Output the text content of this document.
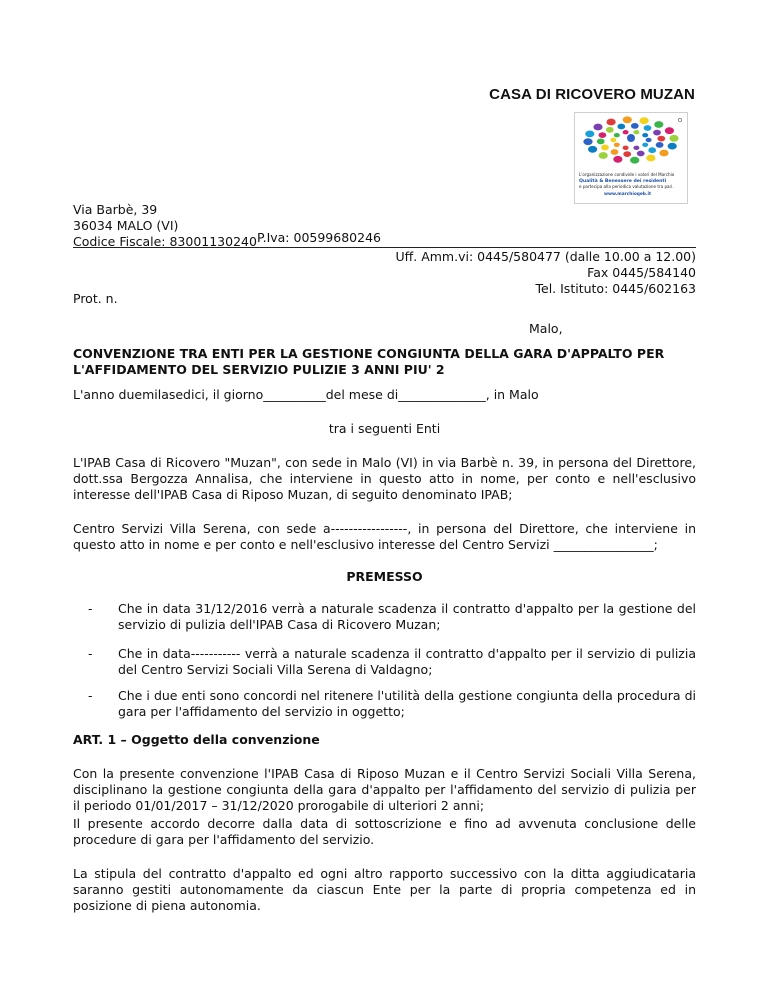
CASA DI RICOVERO MUZAN
L'organizzazione condivide i valori del Marchio
Qualità & Benessere dei residenti
e partecipa alla periodica valutazione tra pari.
www.marchioqeb.it
Via Barbè, 39
36034 MALO (VI)
Codice Fiscale: 83001130240 P.Iva: 00599680246
Uff. Amm.vi: 0445/580477 (dalle 10.00 a 12.00)
Fax 0445/584140
Tel. Istituto: 0445/602163
Prot. n.
Malo,
CONVENZIONE TRA ENTI PER LA GESTIONE CONGIUNTA DELLA GARA D'APPALTO PER L'AFFIDAMENTO DEL SERVIZIO PULIZIE 3 ANNI PIU' 2
L'anno duemilasedici, il giorno__________del mese di______________, in Malo
tra i seguenti Enti
L'IPAB Casa di Ricovero "Muzan", con sede in Malo (VI) in via Barbè n. 39, in persona del Direttore, dott.ssa Bergozza Annalisa, che interviene in questo atto in nome, per conto e nell'esclusivo interesse dell'IPAB Casa di Riposo Muzan, di seguito denominato IPAB;
Centro Servizi Villa Serena, con sede a-----------------, in persona del Direttore, che interviene in questo atto in nome e per conto e nell'esclusivo interesse del Centro Servizi ________________;
PREMESSO
- Che in data 31/12/2016 verrà a naturale scadenza il contratto d'appalto per la gestione del servizio di pulizia dell'IPAB Casa di Ricovero Muzan;
- Che in data----------- verrà a naturale scadenza il contratto d'appalto per il servizio di pulizia del Centro Servizi Sociali Villa Serena di Valdagno;
- Che i due enti sono concordi nel ritenere l'utilità della gestione congiunta della procedura di gara per l'affidamento del servizio in oggetto;
ART. 1 – Oggetto della convenzione
Con la presente convenzione l'IPAB Casa di Riposo Muzan e il Centro Servizi Sociali Villa Serena, disciplinano la gestione congiunta della gara d'appalto per l'affidamento del servizio di pulizia per il periodo 01/01/2017 – 31/12/2020 prorogabile di ulteriori 2 anni;
Il presente accordo decorre dalla data di sottoscrizione e fino ad avvenuta conclusione delle procedure di gara per l'affidamento del servizio.
La stipula del contratto d'appalto ed ogni altro rapporto successivo con la ditta aggiudicataria saranno gestiti autonomamente da ciascun Ente per la parte di propria competenza ed in posizione di piena autonomia.
